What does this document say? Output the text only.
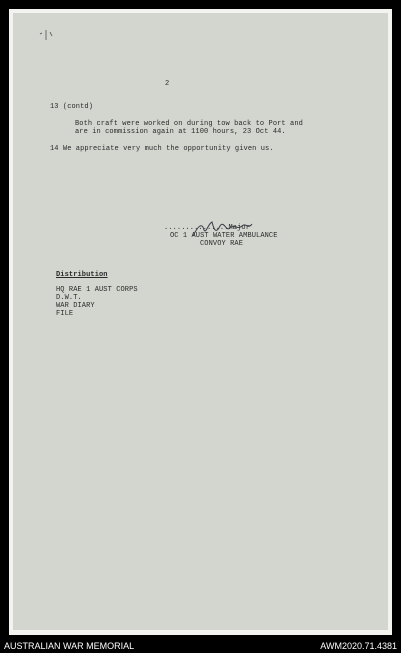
2
13 (contd)
Both craft were worked on during tow back to Port and
are in commission again at 1100 hours, 23 Oct 44.
14 We appreciate very much the opportunity given us.
...............Major
OC 1 AUST WATER AMBULANCE
CONVOY RAE
Distribution
HQ RAE 1 AUST CORPS
D.W.T.
WAR DIARY
FILE
AUSTRALIAN WAR MEMORIAL	AWM2020.71.4381
